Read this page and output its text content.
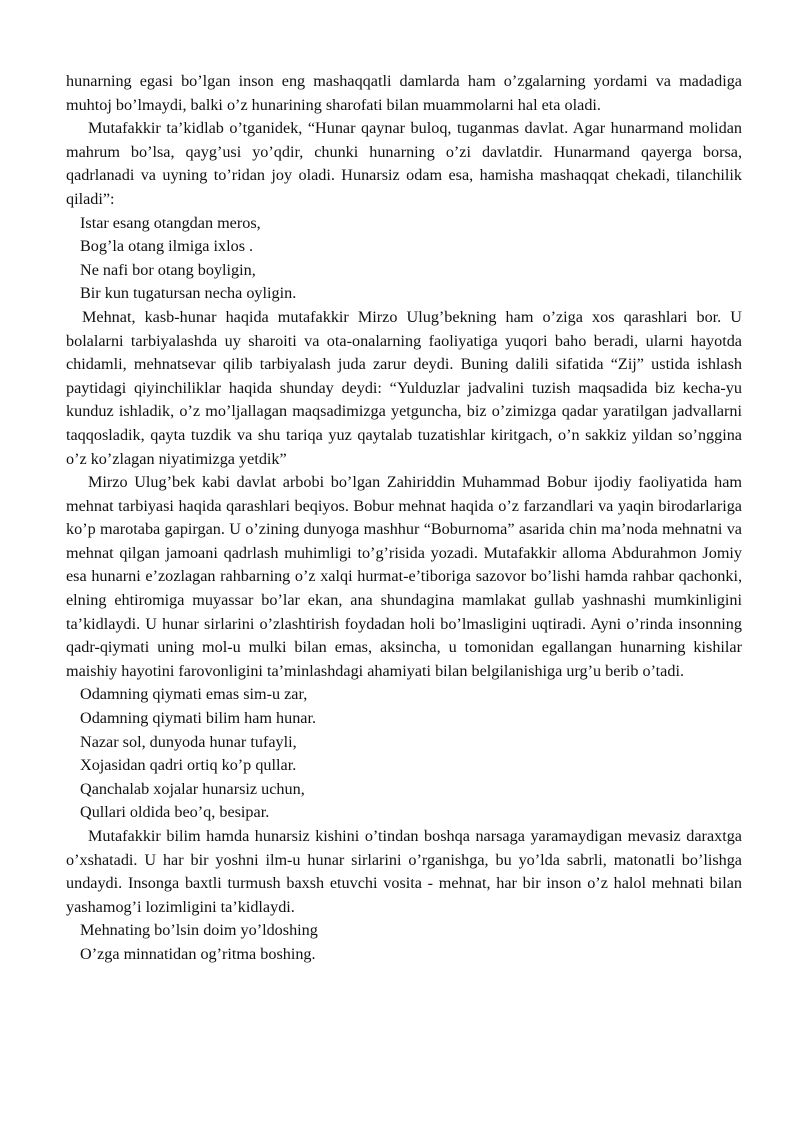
hunarning egasi bo’lgan inson eng mashaqqatli damlarda ham o’zgalarning yordami va madadiga muhtoj bo’lmaydi, balki o’z hunarining sharofati bilan muammolarni hal eta oladi.

Mutafakkir ta’kidlab o’tganidek, “Hunar qaynar buloq, tuganmas davlat. Agar hunarmand molidan mahrum bo’lsa, qayg’usi yo’qdir, chunki hunarning o’zi davlatdir. Hunarmand qayerga borsa, qadrlanadi va uyning to’ridan joy oladi. Hunarsiz odam esa, hamisha mashaqqat chekadi, tilanchilik qiladi”:

Istar esang otangdan meros,
Bog’la otang ilmiga ixlos .
Ne nafi bor otang boyligin,
Bir kun tugatursan necha oyligin.

Mehnat, kasb-hunar haqida mutafakkir Mirzo Ulug’bekning ham o’ziga xos qarashlari bor. U bolalarni tarbiyalashda uy sharoiti va ota-onalarning faoliyatiga yuqori baho beradi, ularni hayotda chidamli, mehnatsevar qilib tarbiyalash juda zarur deydi. Buning dalili sifatida “Zij” ustida ishlash paytidagi qiyinchiliklar haqida shunday deydi: “Yulduzlar jadvalini tuzish maqsadida biz kecha-yu kunduz ishladik, o’z mo’ljallagan maqsadimizga yetguncha, biz o’zimizga qadar yaratilgan jadvallarni taqqosladik, qayta tuzdik va shu tariqa yuz qaytalab tuzatishlar kiritgach, o’n sakkiz yildan so’nggina o’z ko’zlagan niyatimizga yetdik”

Mirzo Ulug’bek kabi davlat arbobi bo’lgan Zahiriddin Muhammad Bobur ijodiy faoliyatida ham mehnat tarbiyasi haqida qarashlari beqiyos. Bobur mehnat haqida o’z farzandlari va yaqin birodarlariga ko’p marotaba gapirgan. U o’zining dunyoga mashhur “Boburnoma” asarida chin ma’noda mehnatni va mehnat qilgan jamoani qadrlash muhimligi to’g’risida yozadi. Mutafakkir alloma Abdurahmon Jomiy esa hunarni e’zozlagan rahbarning o’z xalqi hurmat-e’tiboriga sazovor bo’lishi hamda rahbar qachonki, elning ehtiromiga muyassar bo’lar ekan, ana shundagina mamlakat gullab yashnashi mumkinligini ta’kidlaydi. U hunar sirlarini o’zlashtirish foydadan holi bo’lmasligini uqtiradi. Ayni o’rinda insonning qadr-qiymati uning mol-u mulki bilan emas, aksincha, u tomonidan egallangan hunarning kishilar maishiy hayotini farovonligini ta’minlashdagi ahamiyati bilan belgilanishiga urg’u berib o’tadi.

Odamning qiymati emas sim-u zar,
Odamning qiymati bilim ham hunar.
Nazar sol, dunyoda hunar tufayli,
Xojasidan qadri ortiq ko’p qullar.
Qanchalab xojalar hunarsiz uchun,
Qullari oldida beo’q, besipar.

Mutafakkir bilim hamda hunarsiz kishini o’tindan boshqa narsaga yaramaydigan mevasiz daraxtga o’xshatadi. U har bir yoshni ilm-u hunar sirlarini o’rganishga, bu yo’lda sabrli, matonatli bo’lishga undaydi. Insonga baxtli turmush baxsh etuvchi vosita - mehnat, har bir inson o’z halol mehnati bilan yashamog’i lozimligini ta’kidlaydi.

Mehnating bo’lsin doim yo’ldoshing
O’zga minnatidan og’ritma boshing.
